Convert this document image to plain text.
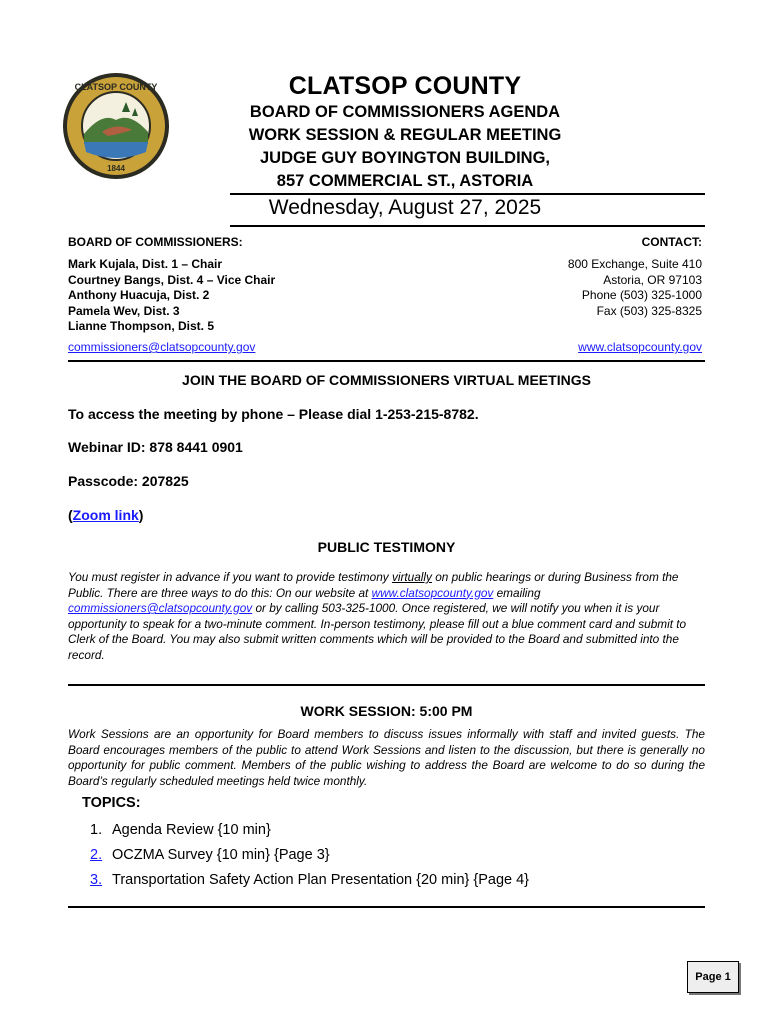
CLATSOP COUNTY
1844
CLATSOP COUNTY
BOARD OF COMMISSIONERS AGENDA
WORK SESSION & REGULAR MEETING
JUDGE GUY BOYINGTON BUILDING,
857 COMMERCIAL ST., ASTORIA
Wednesday, August 27, 2025
BOARD OF COMMISSIONERS:	CONTACT:
Mark Kujala, Dist. 1 – Chair
Courtney Bangs, Dist. 4 – Vice Chair
Anthony Huacuja, Dist. 2
Pamela Wev, Dist. 3
Lianne Thompson, Dist. 5
800 Exchange, Suite 410
Astoria, OR 97103
Phone (503) 325-1000
Fax (503) 325-8325
commissioners@clatsopcounty.gov	www.clatsopcounty.gov
JOIN THE BOARD OF COMMISSIONERS VIRTUAL MEETINGS
To access the meeting by phone – Please dial 1-253-215-8782.
Webinar ID: 878 8441 0901
Passcode: 207825
(Zoom link)
PUBLIC TESTIMONY
You must register in advance if you want to provide testimony virtually on public hearings or during Business from the Public. There are three ways to do this: On our website at www.clatsopcounty.gov emailing commissioners@clatsopcounty.gov or by calling 503-325-1000. Once registered, we will notify you when it is your opportunity to speak for a two-minute comment. In-person testimony, please fill out a blue comment card and submit to Clerk of the Board. You may also submit written comments which will be provided to the Board and submitted into the record.
WORK SESSION: 5:00 PM
Work Sessions are an opportunity for Board members to discuss issues informally with staff and invited guests. The Board encourages members of the public to attend Work Sessions and listen to the discussion, but there is generally no opportunity for public comment. Members of the public wishing to address the Board are welcome to do so during the Board’s regularly scheduled meetings held twice monthly.
TOPICS:
1. Agenda Review {10 min}
2. OCZMA Survey {10 min} {Page 3}
3. Transportation Safety Action Plan Presentation {20 min} {Page 4}
Page 1
